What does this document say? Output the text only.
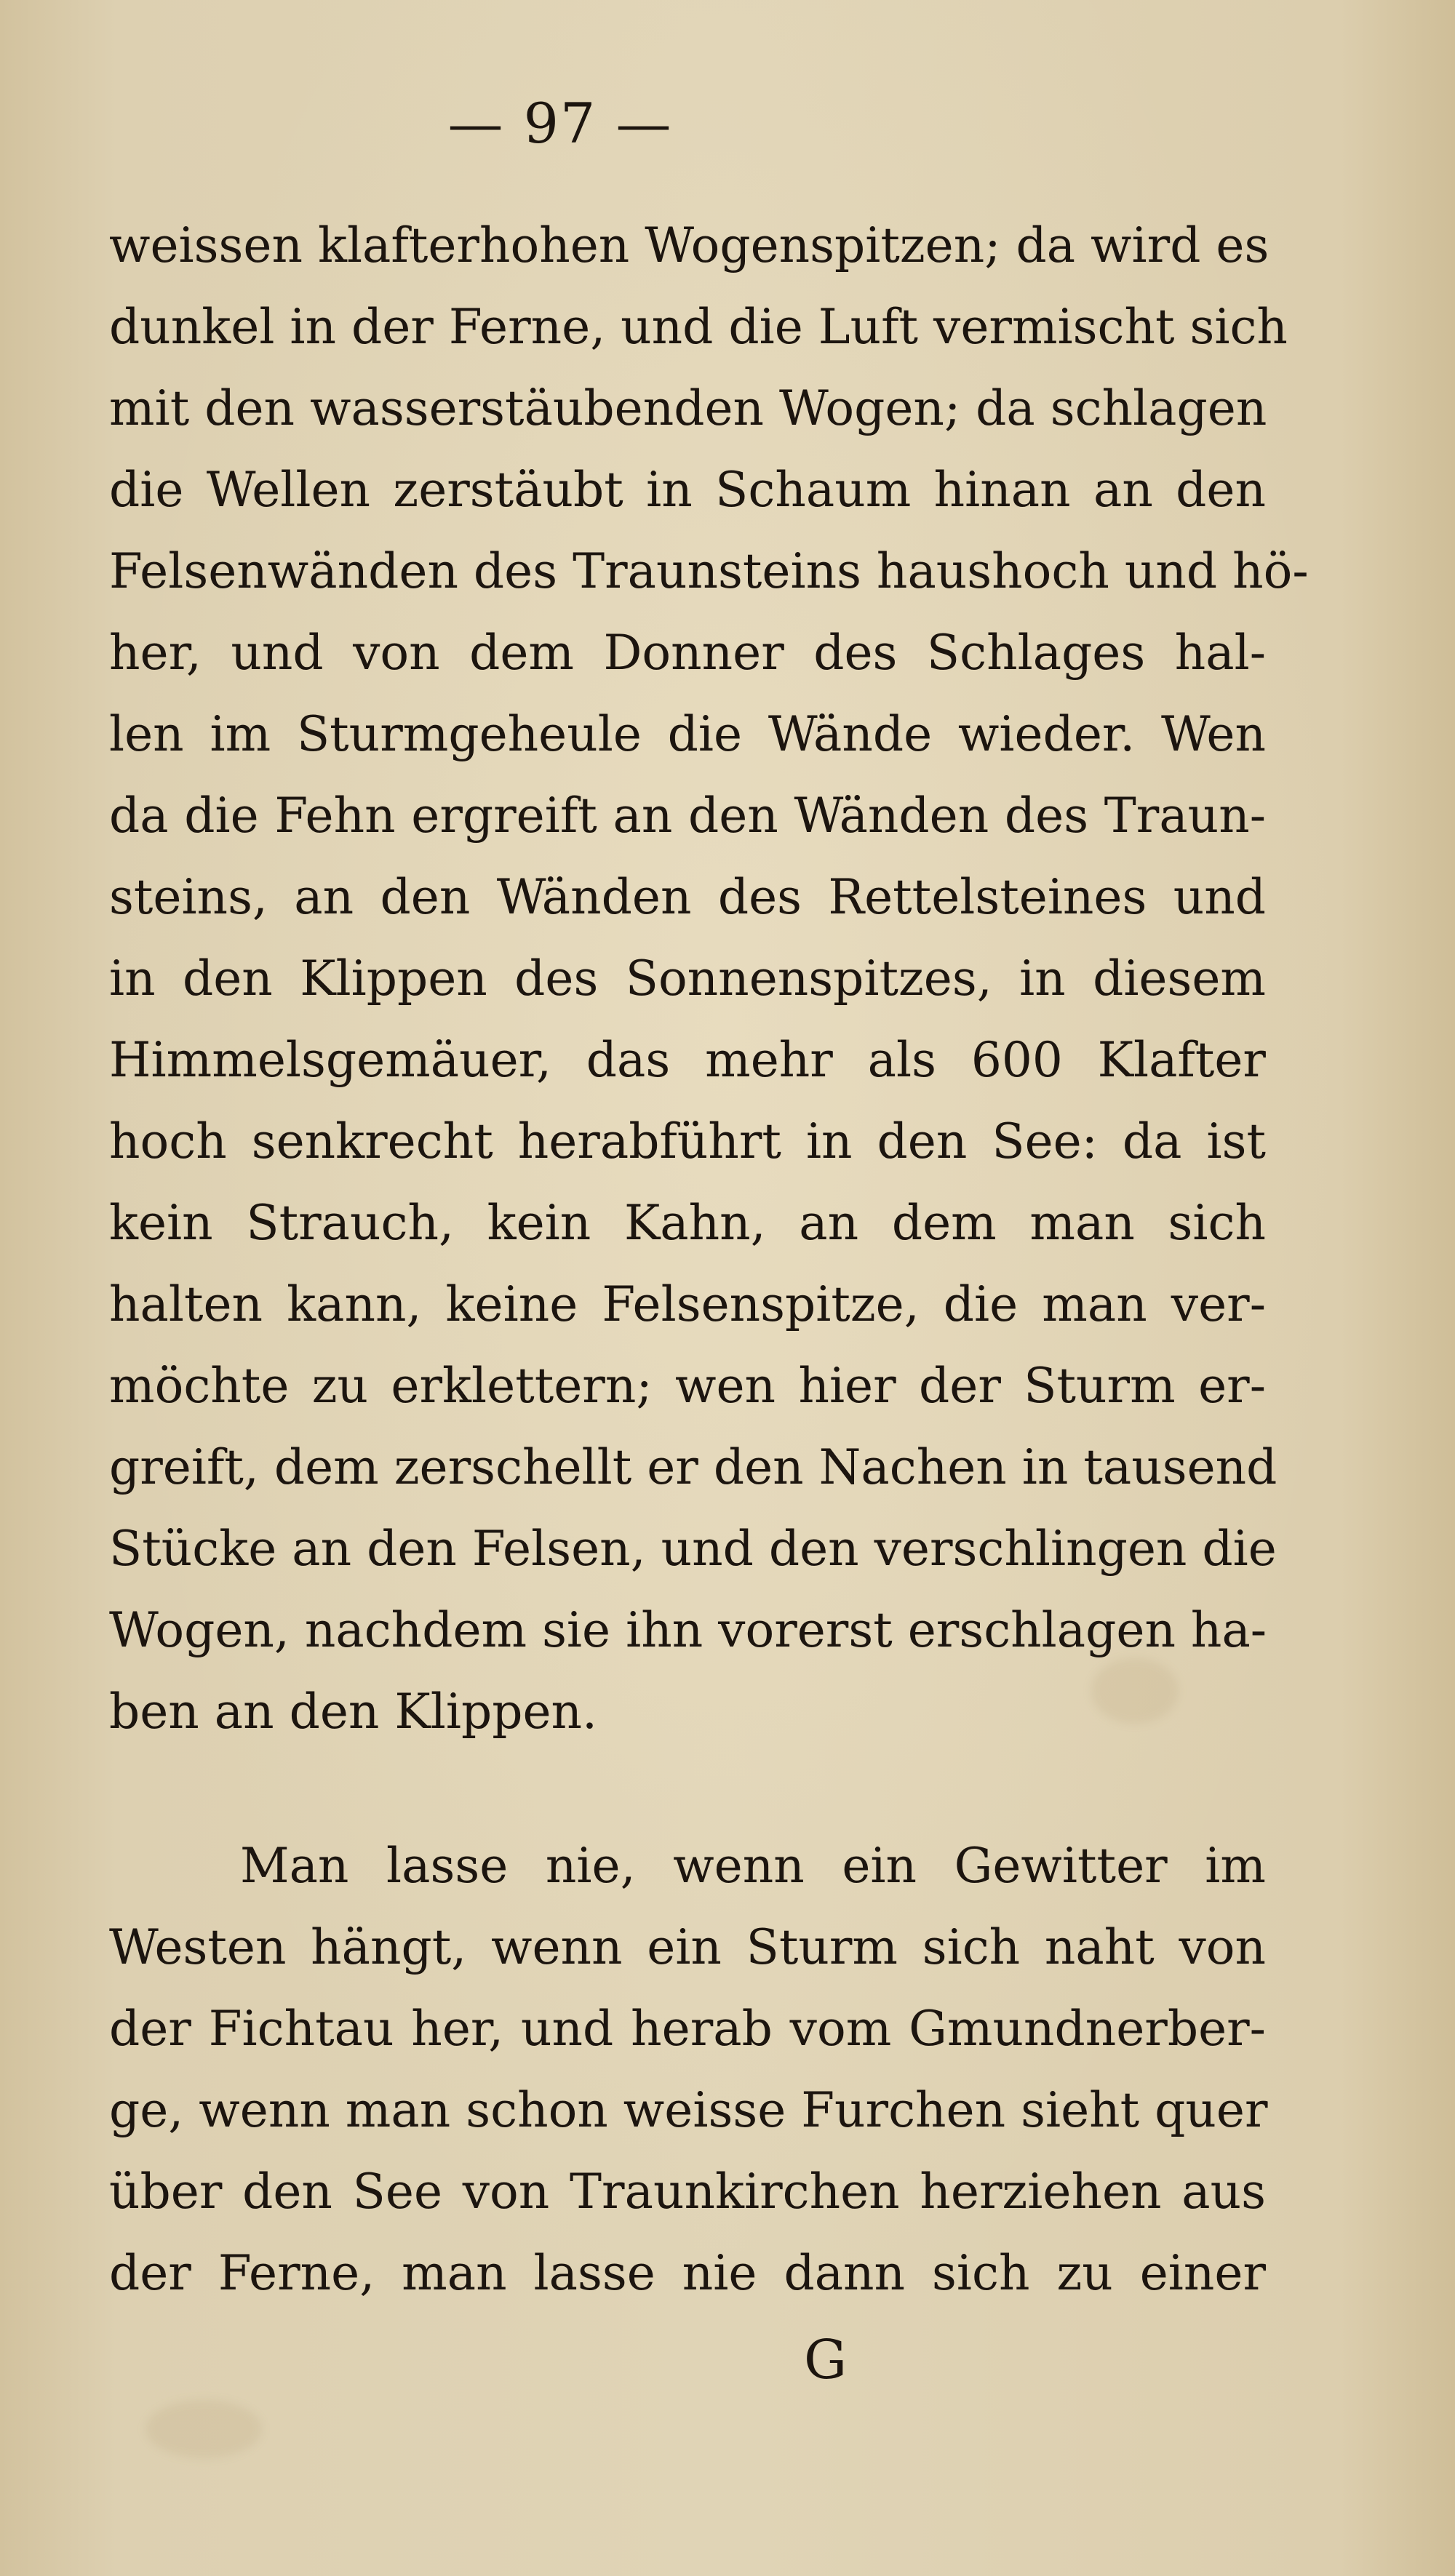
— 97 —

weissen klafterhohen Wogenspitzen; da wird es
dunkel in der Ferne, und die Luft vermischt sich
mit den wasserstäubenden Wogen; da schlagen
die Wellen zerstäubt in Schaum hinan an den
Felsenwänden des Traunsteins haushoch und hö-
her, und von dem Donner des Schlages hal-
len im Sturmgeheule die Wände wieder. Wen
da die Fehn ergreift an den Wänden des Traun-
steins, an den Wänden des Rettelsteines und
in den Klippen des Sonnenspitzes, in diesem
Himmelsgemäuer, das mehr als 600 Klafter
hoch senkrecht herabführt in den See: da ist
kein Strauch, kein Kahn, an dem man sich
halten kann, keine Felsenspitze, die man ver-
möchte zu erklettern; wen hier der Sturm er-
greift, dem zerschellt er den Nachen in tausend
Stücke an den Felsen, und den verschlingen die
Wogen, nachdem sie ihn vorerst erschlagen ha-
ben an den Klippen.
Man lasse nie, wenn ein Gewitter im
Westen hängt, wenn ein Sturm sich naht von
der Fichtau her, und herab vom Gmundnerber-
ge, wenn man schon weisse Furchen sieht quer
über den See von Traunkirchen herziehen aus
der Ferne, man lasse nie dann sich zu einer

G
